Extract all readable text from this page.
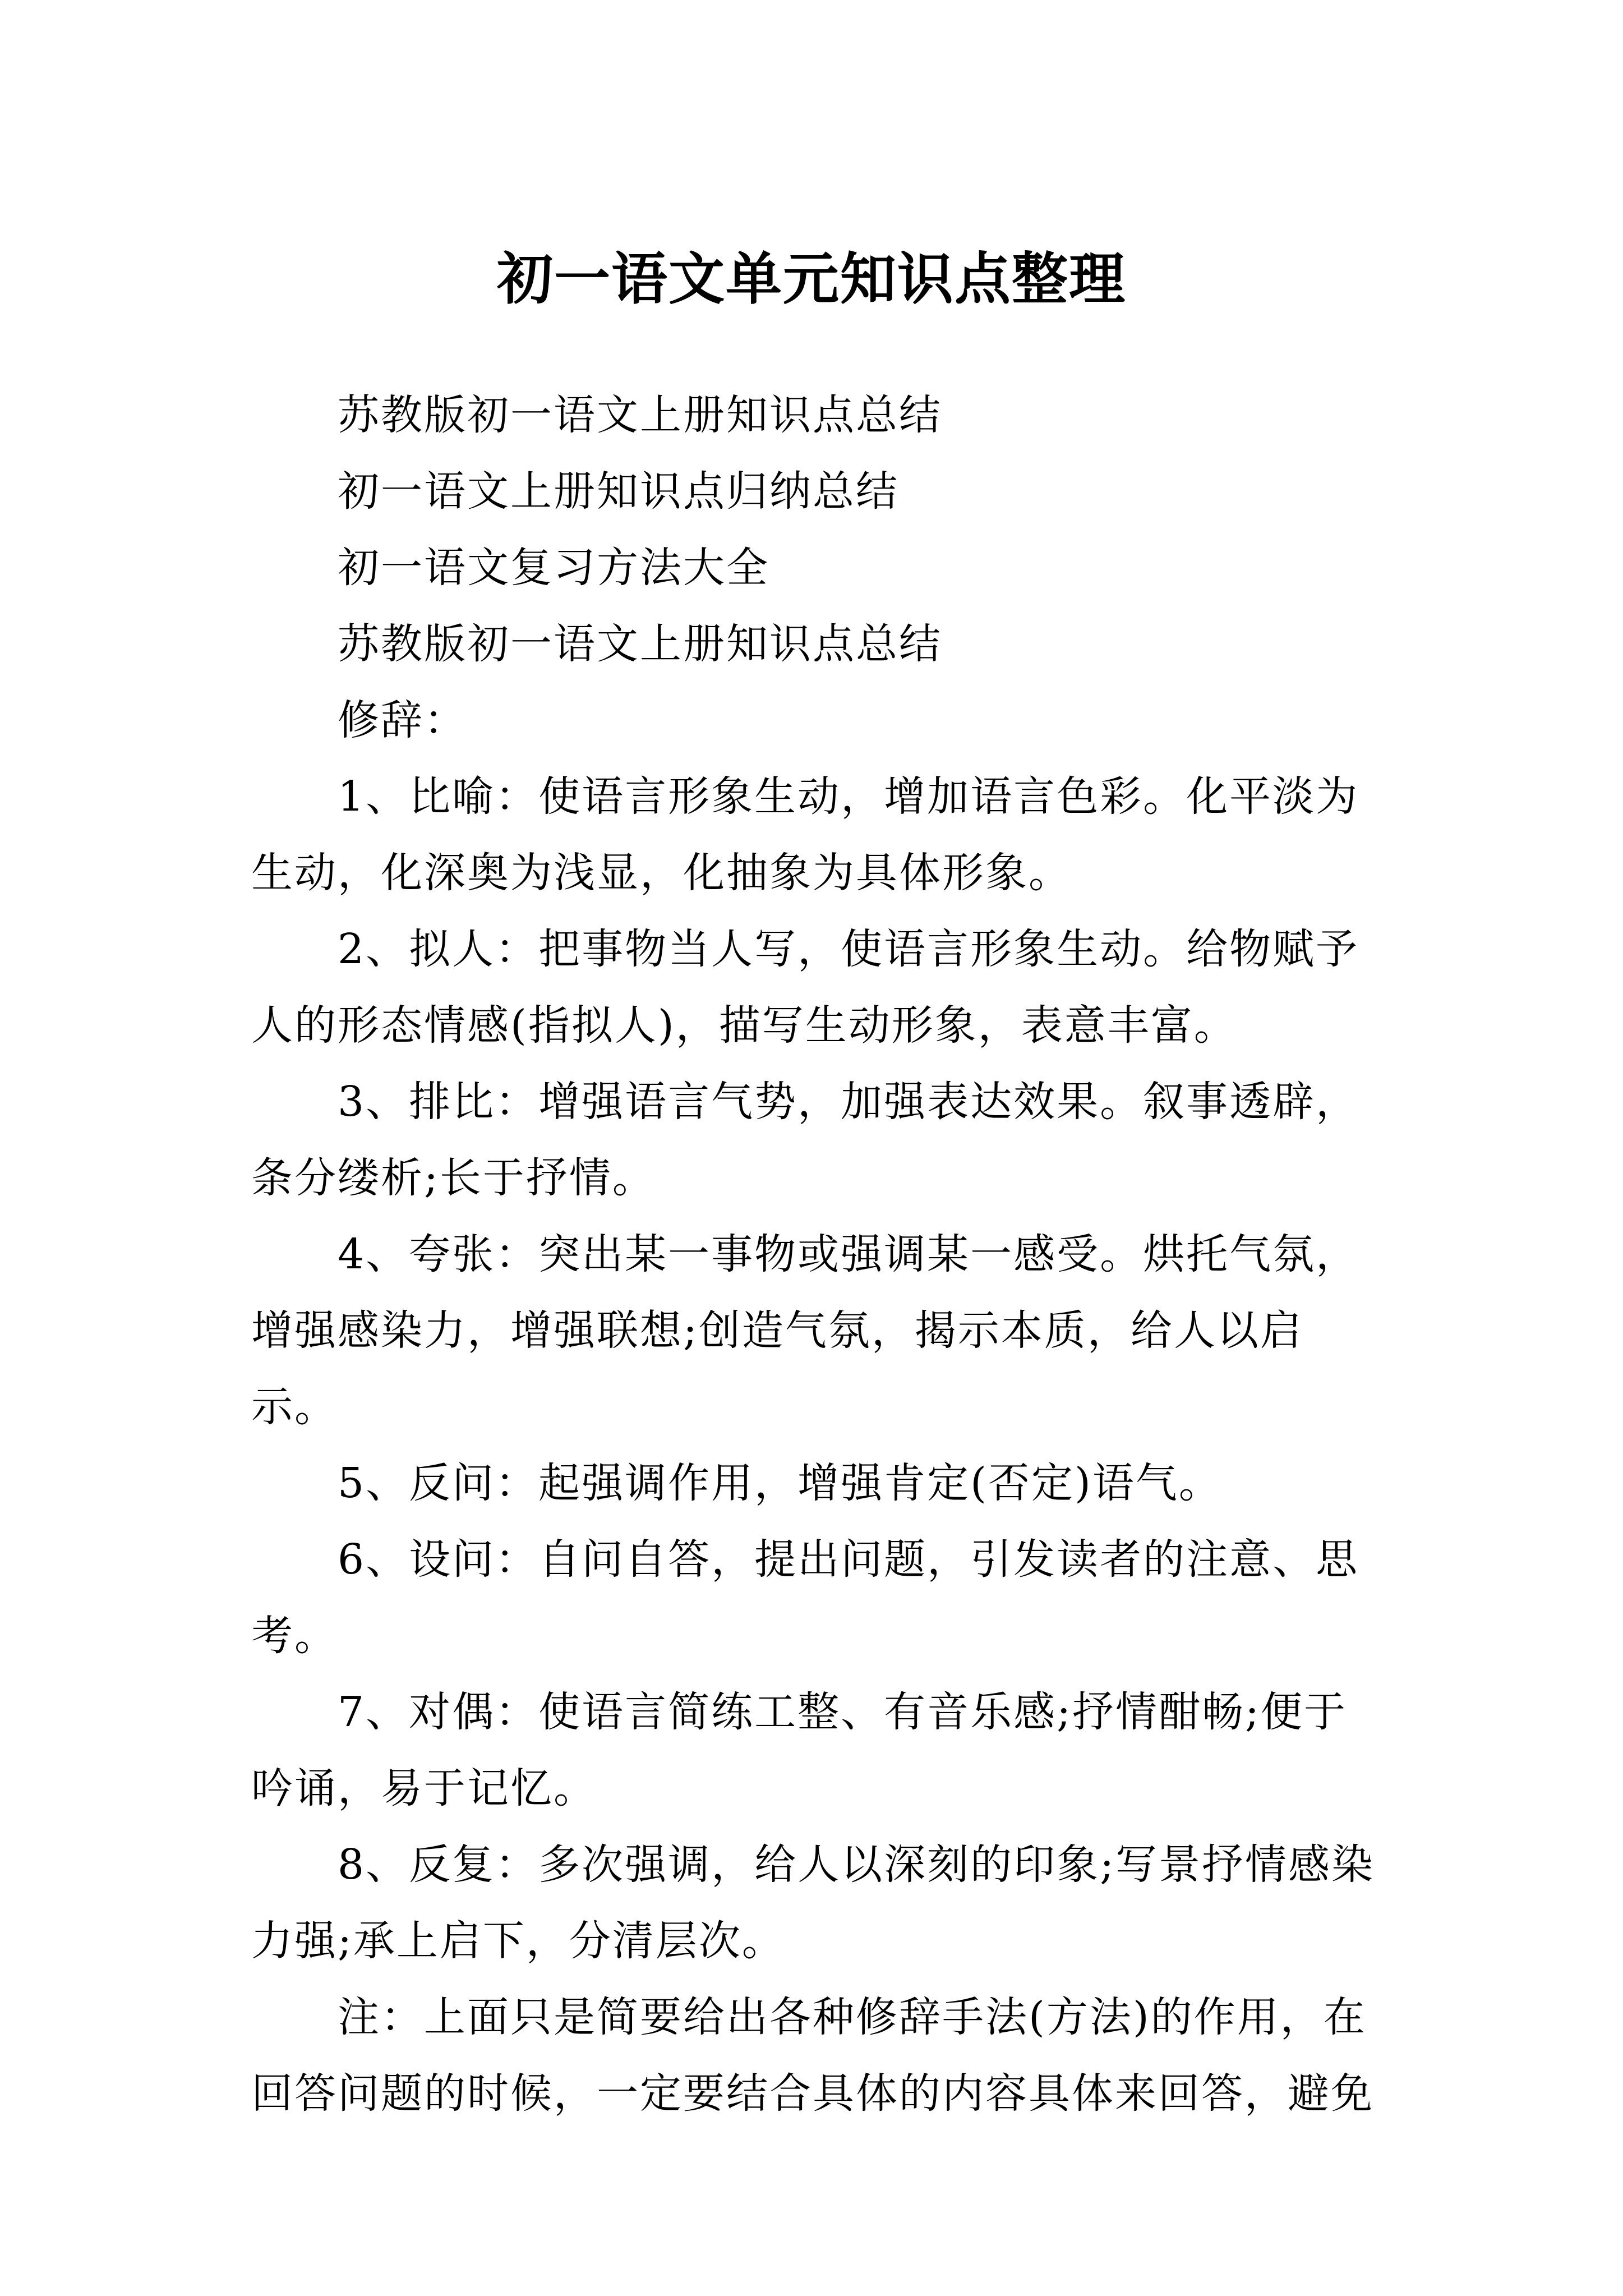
初一语文单元知识点整理

苏教版初一语文上册知识点总结

初一语文上册知识点归纳总结

初一语文复习方法大全

苏教版初一语文上册知识点总结

修辞：

1、比喻：使语言形象生动，增加语言色彩。化平淡为生动，化深奥为浅显，化抽象为具体形象。

2、拟人：把事物当人写，使语言形象生动。给物赋予人的形态情感(指拟人)，描写生动形象，表意丰富。

3、排比：增强语言气势，加强表达效果。叙事透辟，条分缕析;长于抒情。

4、夸张：突出某一事物或强调某一感受。烘托气氛，增强感染力，增强联想;创造气氛，揭示本质，给人以启示。

5、反问：起强调作用，增强肯定(否定)语气。

6、设问：自问自答，提出问题，引发读者的注意、思考。

7、对偶：使语言简练工整、有音乐感;抒情酣畅;便于吟诵，易于记忆。

8、反复：多次强调，给人以深刻的印象;写景抒情感染力强;承上启下，分清层次。

注：上面只是简要给出各种修辞手法(方法)的作用，在回答问题的时候，一定要结合具体的内容具体来回答，避免
